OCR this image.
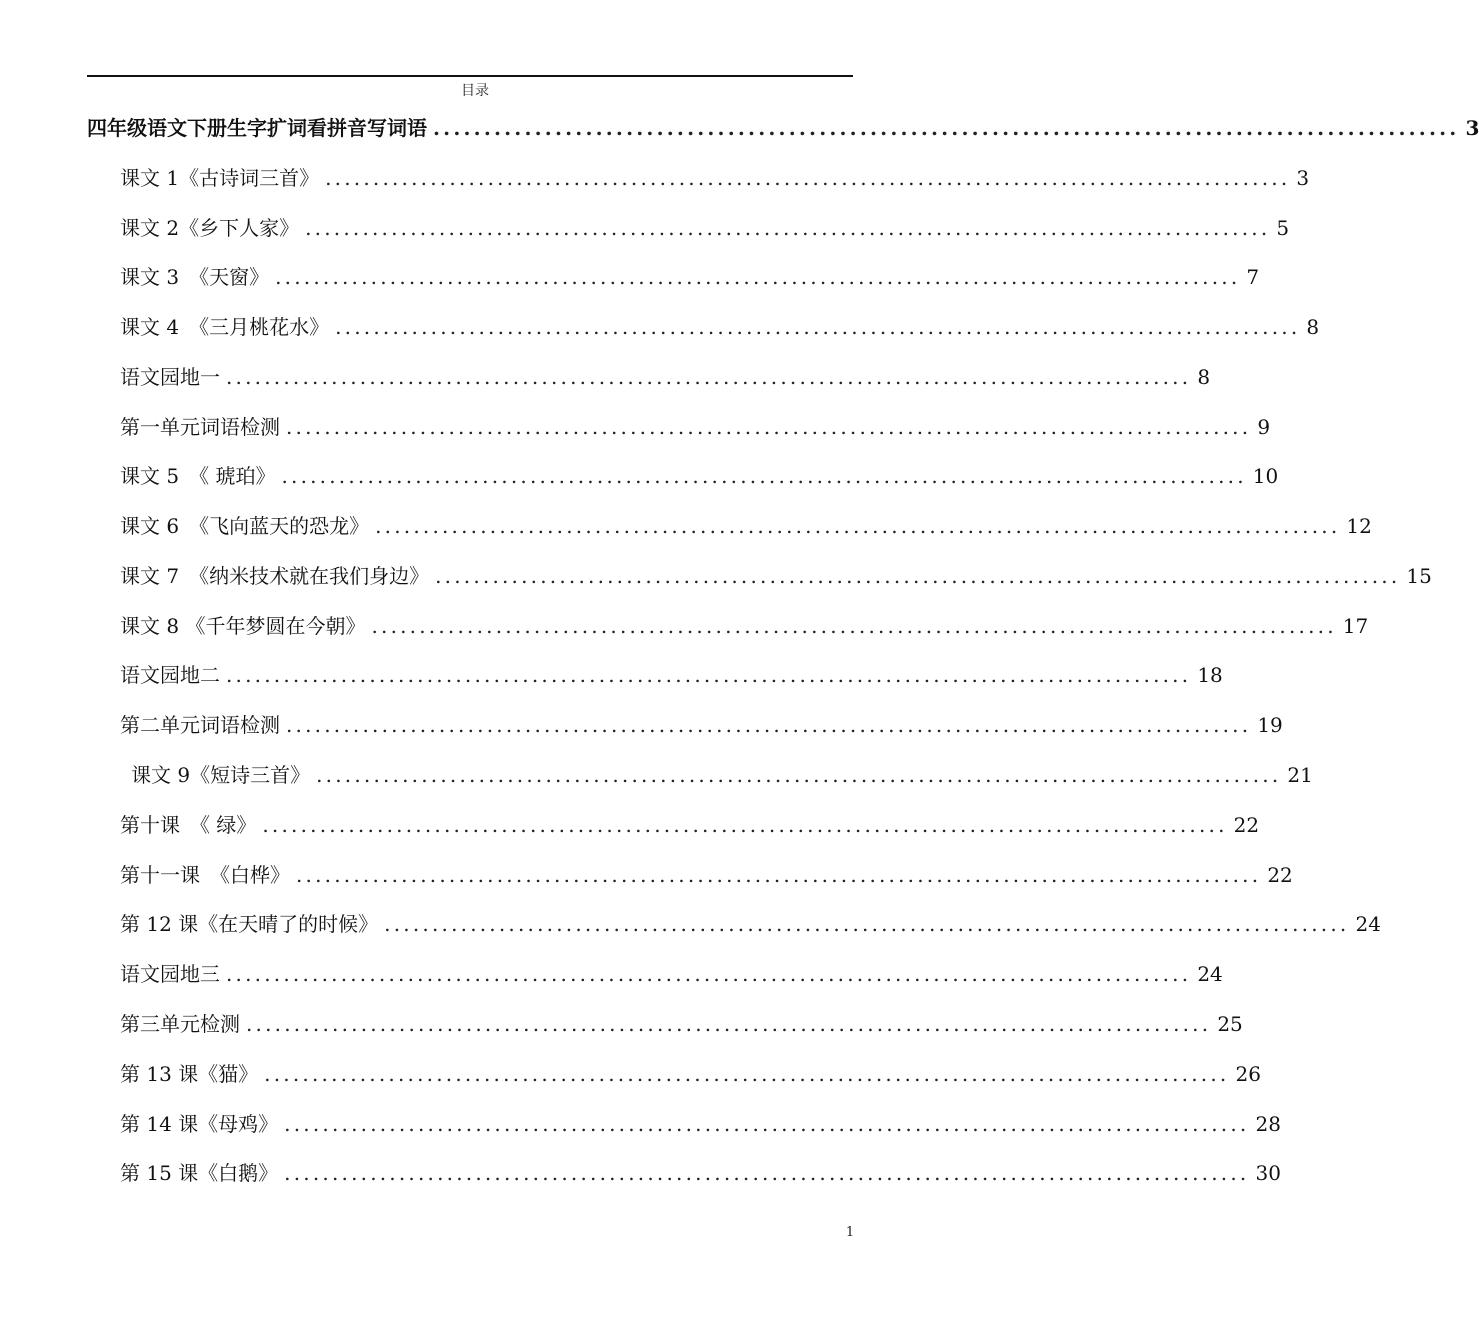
目录
四年级语文下册生字扩词看拼音写词语 ..................................................................................................... 3
课文 1《古诗词三首》 ..................................................................................................... 3
课文 2《乡下人家》 ..................................................................................................... 5
课文 3　《天窗》 ..................................................................................................... 7
课文 4　《三月桃花水》 ..................................................................................................... 8
语文园地一 ..................................................................................................... 8
第一单元词语检测 ..................................................................................................... 9
课文 5　《 琥珀》 ..................................................................................................... 10
课文 6　《飞向蓝天的恐龙》 ..................................................................................................... 12
课文 7　《纳米技术就在我们身边》 ..................................................................................................... 15
课文 8 《千年梦圆在今朝》 ..................................................................................................... 17
语文园地二 ..................................................................................................... 18
第二单元词语检测 ..................................................................................................... 19
课文 9《短诗三首》 ..................................................................................................... 21
第十课　《 绿》 ..................................................................................................... 22
第十一课　《白桦》 ..................................................................................................... 22
第 12 课《在天晴了的时候》 ..................................................................................................... 24
语文园地三 ..................................................................................................... 24
第三单元检测 ..................................................................................................... 25
第 13 课《猫》 ..................................................................................................... 26
第 14 课《母鸡》 ..................................................................................................... 28
第 15 课《白鹅》 ..................................................................................................... 30
1
